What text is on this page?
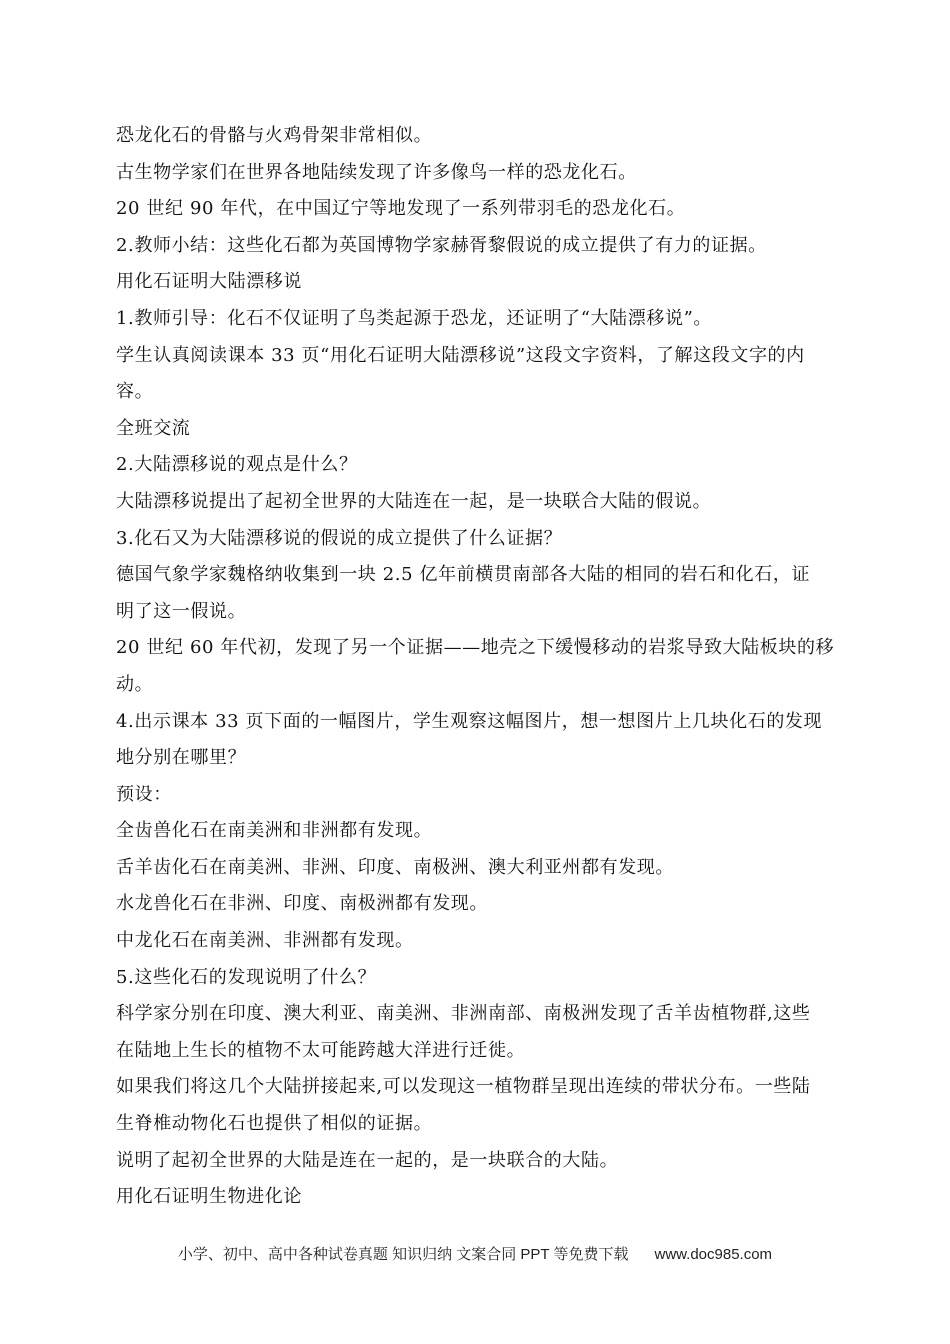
恐龙化石的骨骼与火鸡骨架非常相似。
古生物学家们在世界各地陆续发现了许多像鸟一样的恐龙化石。
20 世纪 90 年代，在中国辽宁等地发现了一系列带羽毛的恐龙化石。
2.教师小结：这些化石都为英国博物学家赫胥黎假说的成立提供了有力的证据。
用化石证明大陆漂移说
1.教师引导：化石不仅证明了鸟类起源于恐龙，还证明了“大陆漂移说”。
学生认真阅读课本 33 页“用化石证明大陆漂移说”这段文字资料，了解这段文字的内
容。
全班交流
2.大陆漂移说的观点是什么？
大陆漂移说提出了起初全世界的大陆连在一起，是一块联合大陆的假说。
3.化石又为大陆漂移说的假说的成立提供了什么证据？
德国气象学家魏格纳收集到一块 2.5 亿年前横贯南部各大陆的相同的岩石和化石，证
明了这一假说。
20 世纪 60 年代初，发现了另一个证据——地壳之下缓慢移动的岩浆导致大陆板块的移
动。
4.出示课本 33 页下面的一幅图片，学生观察这幅图片，想一想图片上几块化石的发现
地分别在哪里？
预设：
全齿兽化石在南美洲和非洲都有发现。
舌羊齿化石在南美洲、非洲、印度、南极洲、澳大利亚州都有发现。
水龙兽化石在非洲、印度、南极洲都有发现。
中龙化石在南美洲、非洲都有发现。
5.这些化石的发现说明了什么？
科学家分别在印度、澳大利亚、南美洲、非洲南部、南极洲发现了舌羊齿植物群,这些
在陆地上生长的植物不太可能跨越大洋进行迁徙。
如果我们将这几个大陆拼接起来,可以发现这一植物群呈现出连续的带状分布。一些陆
生脊椎动物化石也提供了相似的证据。
说明了起初全世界的大陆是连在一起的，是一块联合的大陆。
用化石证明生物进化论
小学、初中、高中各种试卷真题 知识归纳 文案合同 PPT 等免费下载 www.doc985.com
